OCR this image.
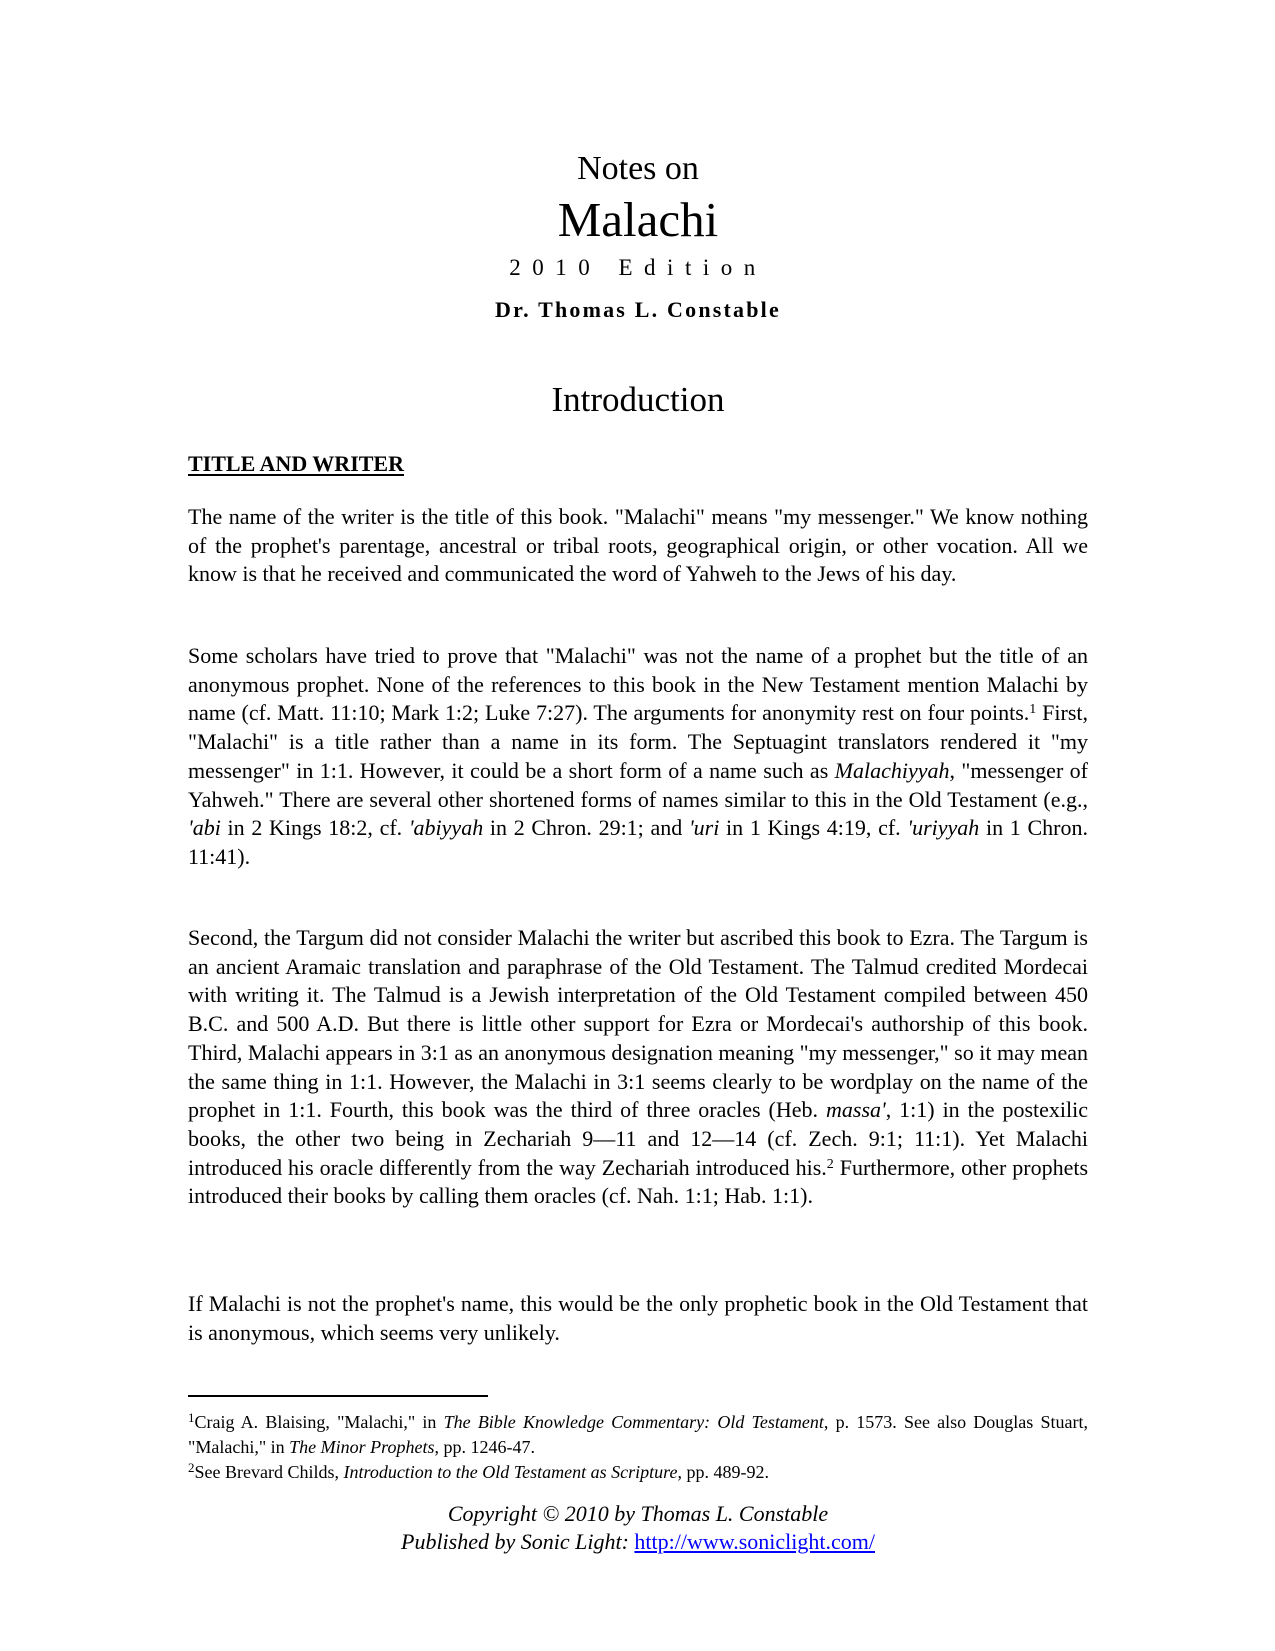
Notes on
Malachi
2010 Edition
Dr. Thomas L. Constable
Introduction
TITLE AND WRITER

The name of the writer is the title of this book. "Malachi" means "my messenger." We know nothing of the prophet's parentage, ancestral or tribal roots, geographical origin, or other vocation. All we know is that he received and communicated the word of Yahweh to the Jews of his day.

Some scholars have tried to prove that "Malachi" was not the name of a prophet but the title of an anonymous prophet. None of the references to this book in the New Testament mention Malachi by name (cf. Matt. 11:10; Mark 1:2; Luke 7:27). The arguments for anonymity rest on four points.$^1$ First, "Malachi" is a title rather than a name in its form. The Septuagint translators rendered it "my messenger" in 1:1. However, it could be a short form of a name such as Malachiyyah, "messenger of Yahweh." There are several other shortened forms of names similar to this in the Old Testament (e.g., 'abi in 2 Kings 18:2, cf. 'abiyyah in 2 Chron. 29:1; and 'uri in 1 Kings 4:19, cf. 'uriyyah in 1 Chron. 11:41).

Second, the Targum did not consider Malachi the writer but ascribed this book to Ezra. The Targum is an ancient Aramaic translation and paraphrase of the Old Testament. The Talmud credited Mordecai with writing it. The Talmud is a Jewish interpretation of the Old Testament compiled between 450 B.C. and 500 A.D. But there is little other support for Ezra or Mordecai's authorship of this book. Third, Malachi appears in 3:1 as an anonymous designation meaning "my messenger," so it may mean the same thing in 1:1. However, the Malachi in 3:1 seems clearly to be wordplay on the name of the prophet in 1:1. Fourth, this book was the third of three oracles (Heb. massa', 1:1) in the postexilic books, the other two being in Zechariah 9—11 and 12—14 (cf. Zech. 9:1; 11:1). Yet Malachi introduced his oracle differently from the way Zechariah introduced his.$^2$ Furthermore, other prophets introduced their books by calling them oracles (cf. Nah. 1:1; Hab. 1:1).

If Malachi is not the prophet's name, this would be the only prophetic book in the Old Testament that is anonymous, which seems very unlikely.

$^1$Craig A. Blaising, "Malachi," in The Bible Knowledge Commentary: Old Testament, p. 1573. See also Douglas Stuart, "Malachi," in The Minor Prophets, pp. 1246-47.

$^2$See Brevard Childs, Introduction to the Old Testament as Scripture, pp. 489-92.

Copyright © 2010 by Thomas L. Constable
Published by Sonic Light: http://www.soniclight.com/
